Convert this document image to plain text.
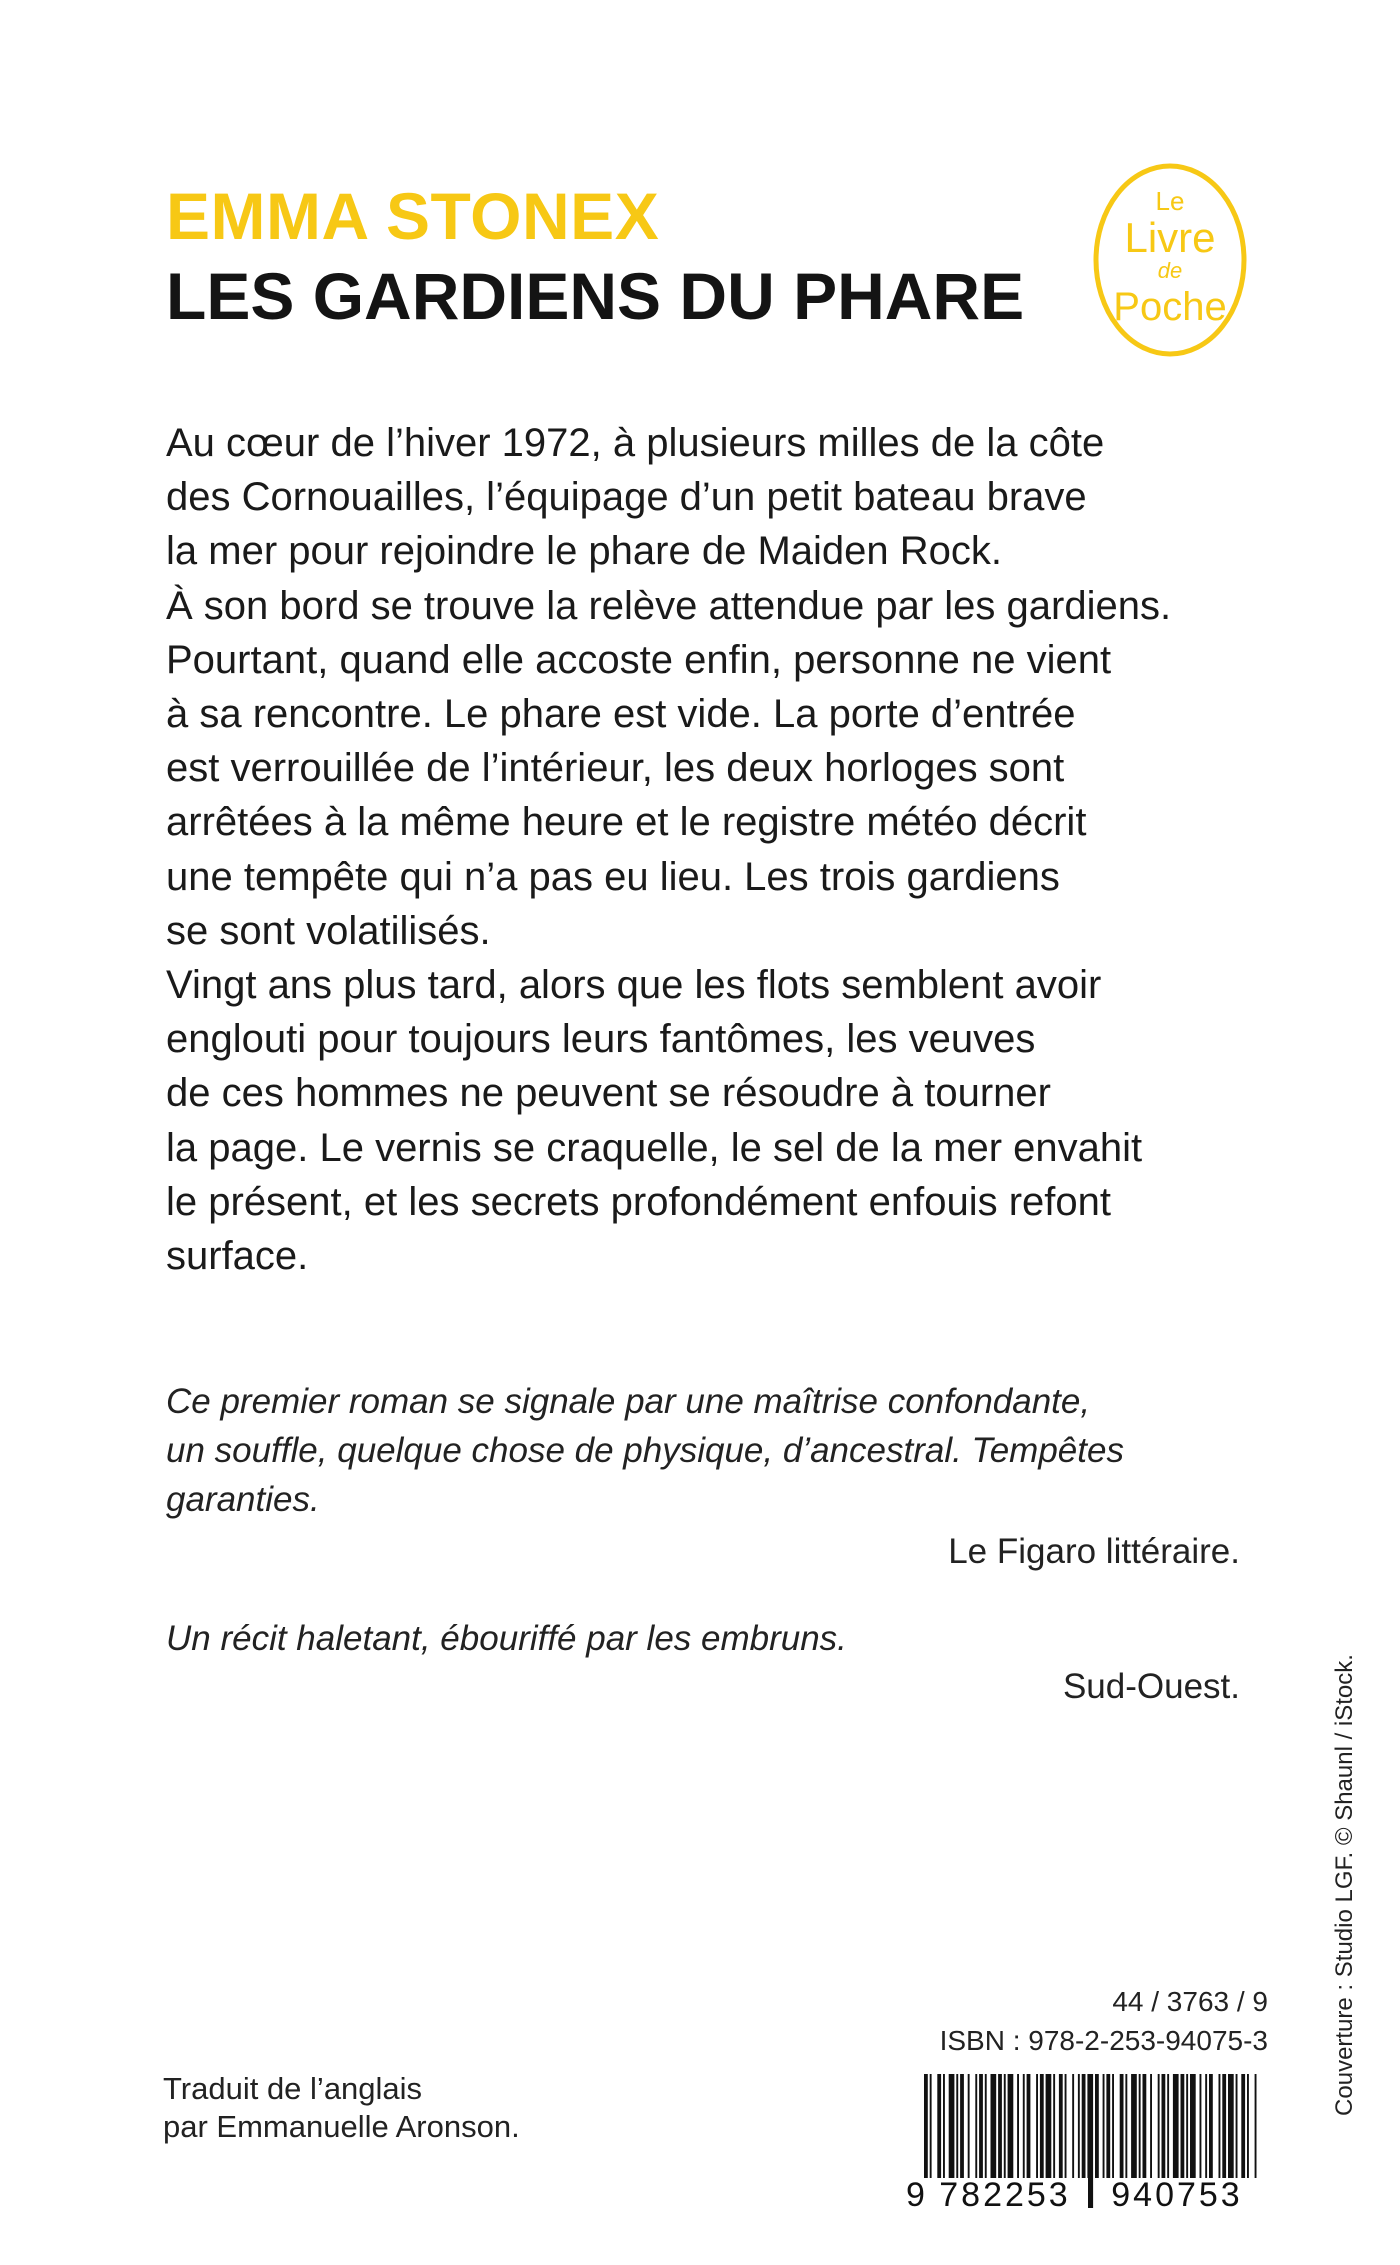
EMMA STONEX
LES GARDIENS DU PHARE
Le
Livre
de
Poche
Au cœur de l’hiver 1972, à plusieurs milles de la côte
des Cornouailles, l’équipage d’un petit bateau brave
la mer pour rejoindre le phare de Maiden Rock.
À son bord se trouve la relève attendue par les gardiens.
Pourtant, quand elle accoste enfin, personne ne vient
à sa rencontre. Le phare est vide. La porte d’entrée
est verrouillée de l’intérieur, les deux horloges sont
arrêtées à la même heure et le registre météo décrit
une tempête qui n’a pas eu lieu. Les trois gardiens
se sont volatilisés.
Vingt ans plus tard, alors que les flots semblent avoir
englouti pour toujours leurs fantômes, les veuves
de ces hommes ne peuvent se résoudre à tourner
la page. Le vernis se craquelle, le sel de la mer envahit
le présent, et les secrets profondément enfouis refont
surface.
Ce premier roman se signale par une maîtrise confondante,
un souffle, quelque chose de physique, d’ancestral. Tempêtes
garanties.
Le Figaro littéraire.
Un récit haletant, ébouriffé par les embruns.
Sud-Ouest.	Couverture : Studio LGF. © Shaunl / iStock.
Traduit de l’anglais
par Emmanuelle Aronson.
44 / 3763 / 9
ISBN : 978-2-253-94075-3
9 782253 940753
